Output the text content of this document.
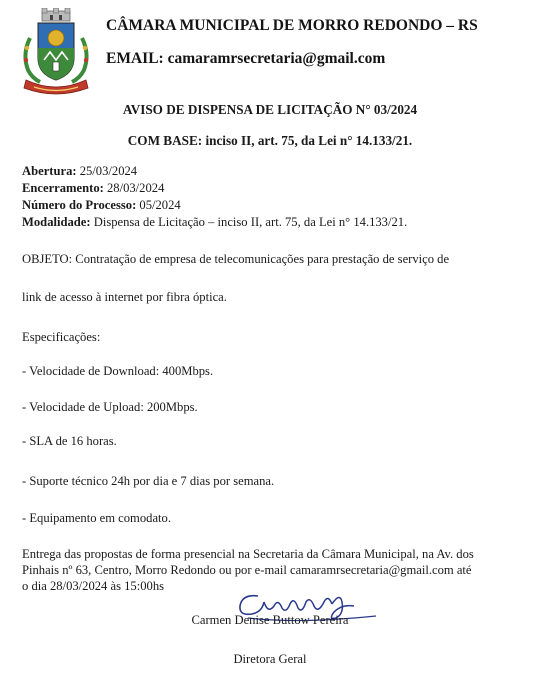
CÂMARA MUNICIPAL DE MORRO REDONDO – RS
EMAIL: camaramrsecretaria@gmail.com
AVISO DE DISPENSA DE LICITAÇÃO N° 03/2024
COM BASE: inciso II, art. 75, da Lei n° 14.133/21.
Abertura: 25/03/2024
Encerramento: 28/03/2024
Número do Processo: 05/2024
Modalidade: Dispensa de Licitação – inciso II, art. 75, da Lei n° 14.133/21.
OBJETO: Contratação de empresa de telecomunicações para prestação de serviço de
link de acesso à internet por fibra óptica.
Especificações:
- Velocidade de Download: 400Mbps.
- Velocidade de Upload: 200Mbps.
- SLA de 16 horas.
- Suporte técnico 24h por dia e 7 dias por semana.
- Equipamento em comodato.
Entrega das propostas de forma presencial na Secretaria da Câmara Municipal, na Av. dos
Pinhais nº 63, Centro, Morro Redondo ou por e-mail camaramrsecretaria@gmail.com até
o dia 28/03/2024 às 15:00hs
Carmen Denise Buttow Pereira
Diretora Geral
